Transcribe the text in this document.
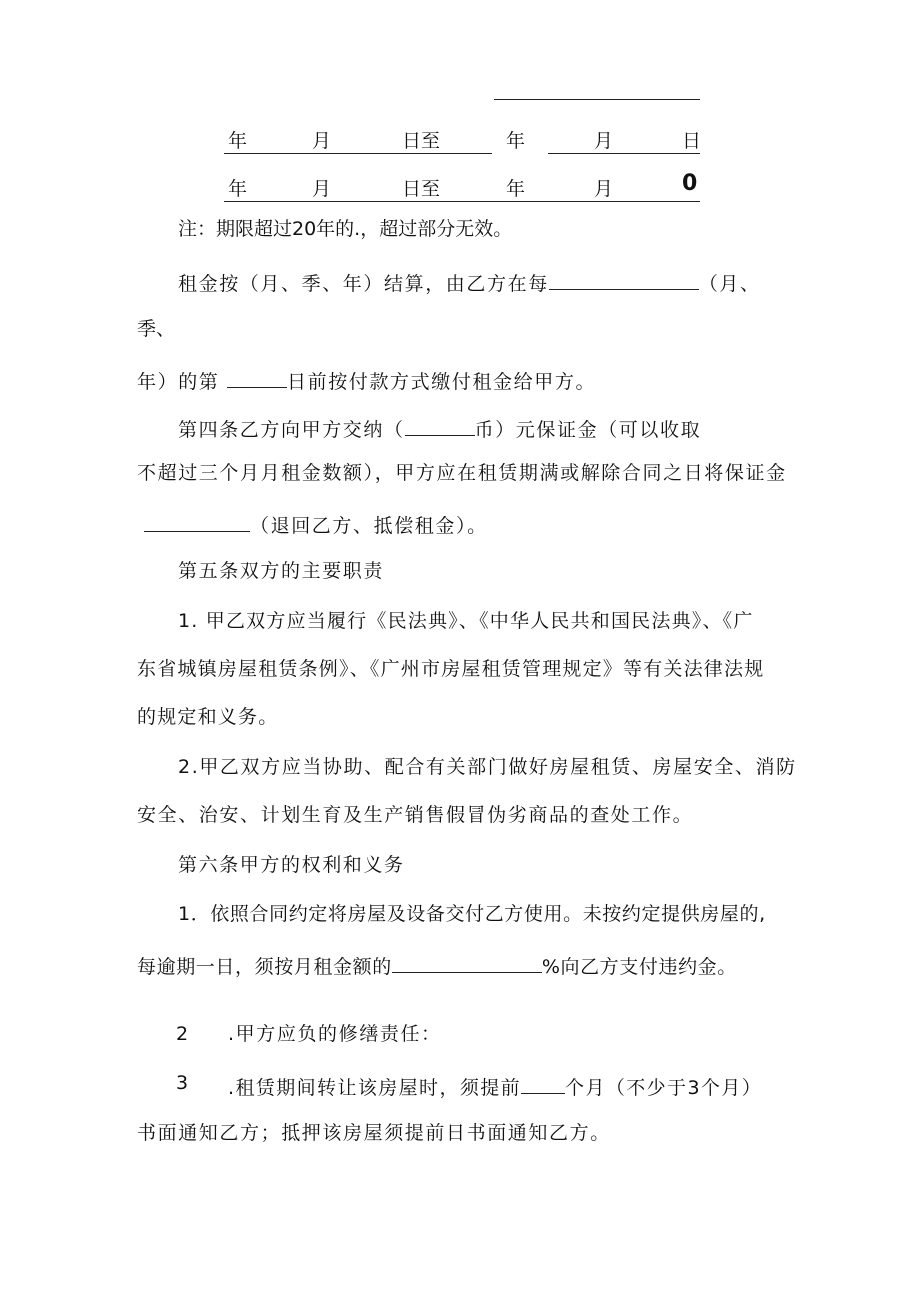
年	月	日至	年	月	日
年	月	日至	年	月	0
注：期限超过20年的.，超过部分无效。
租金按（月、季、年）结算，由乙方在每	（月、
季、
年）的第	日前按付款方式缴付租金给甲方。
第四条乙方向甲方交纳（	币）元保证金（可以收取
不超过三个月月租金数额），甲方应在租赁期满或解除合同之日将保证金
（退回乙方、抵偿租金）。
第五条双方的主要职责
1. 甲乙双方应当履行《民法典》、《中华人民共和国民法典》、《广
东省城镇房屋租赁条例》、《广州市房屋租赁管理规定》等有关法律法规
的规定和义务。
2.甲乙双方应当协助、配合有关部门做好房屋租赁、房屋安全、消防
安全、治安、计划生育及生产销售假冒伪劣商品的查处工作。
第六条甲方的权利和义务
1．依照合同约定将房屋及设备交付乙方使用。未按约定提供房屋的,
每逾期一日，须按月租金额的	%向乙方支付违约金。
2 .甲方应负的修缮责任：
3 .租赁期间转让该房屋时，须提前 个月（不少于3个月）
书面通知乙方；抵押该房屋须提前日书面通知乙方。
